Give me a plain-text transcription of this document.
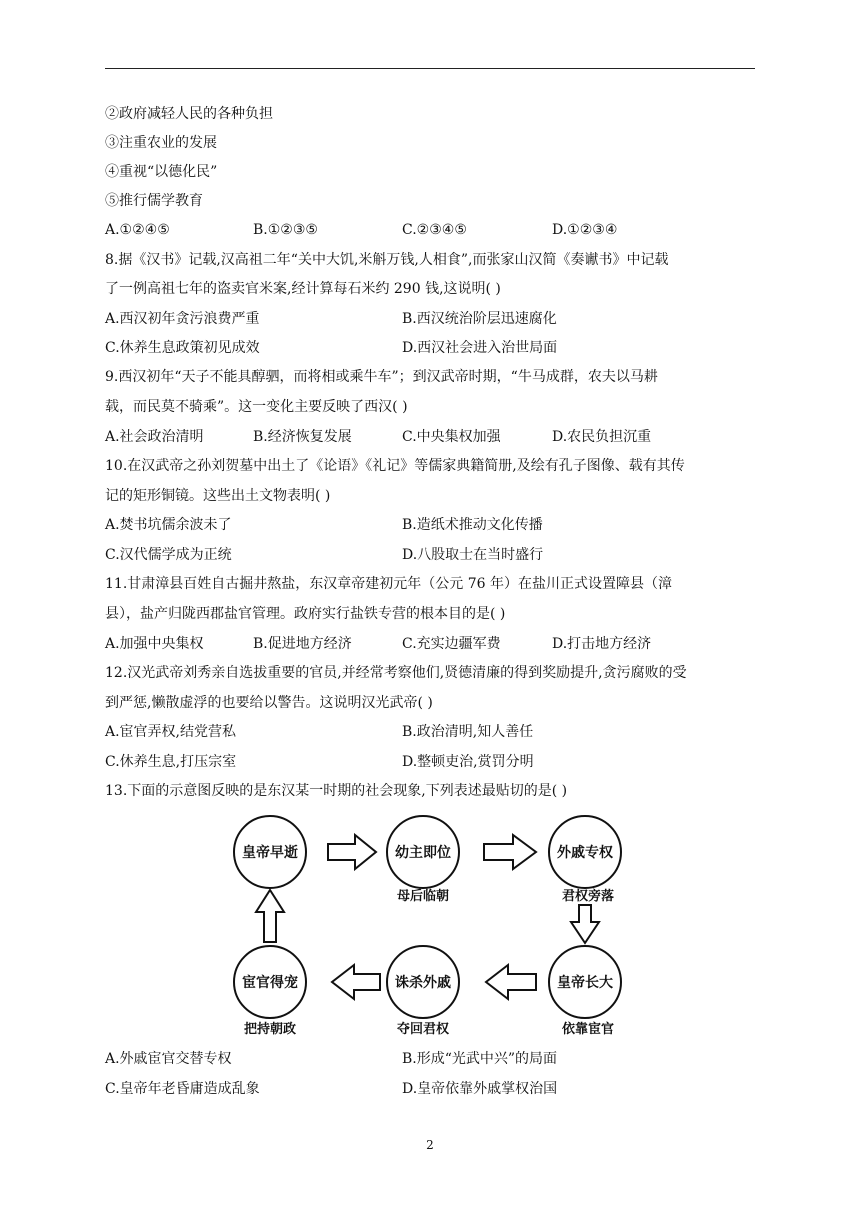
②政府减轻人民的各种负担
③注重农业的发展
④重视“以德化民”
⑤推行儒学教育
A.①②④⑤	B.①②③⑤	C.②③④⑤	D.①②③④
8.据《汉书》记载,汉高祖二年“关中大饥,米斛万钱,人相食”,而张家山汉简《奏谳书》中记载
了一例高祖七年的盗卖官米案,经计算每石米约 290 钱,这说明( )
A.西汉初年贪污浪费严重	B.西汉统治阶层迅速腐化
C.休养生息政策初见成效	D.西汉社会进入治世局面
9.西汉初年“天子不能具醇驷，而将相或乘牛车”；到汉武帝时期，“牛马成群，农夫以马耕
载，而民莫不骑乘”。这一变化主要反映了西汉( )
A.社会政治清明	B.经济恢复发展	C.中央集权加强	D.农民负担沉重
10.在汉武帝之孙刘贺墓中出土了《论语》《礼记》等儒家典籍简册,及绘有孔子图像、载有其传
记的矩形铜镜。这些出土文物表明( )
A.焚书坑儒余波未了	B.造纸术推动文化传播
C.汉代儒学成为正统	D.八股取士在当时盛行
11.甘肃漳县百姓自古掘井熬盐，东汉章帝建初元年（公元 76 年）在盐川正式设置障县（漳
县），盐产归陇西郡盐官管理。政府实行盐铁专营的根本目的是( )
A.加强中央集权	B.促进地方经济	C.充实边疆军费	D.打击地方经济
12.汉光武帝刘秀亲自选拔重要的官员,并经常考察他们,贤德清廉的得到奖励提升,贪污腐败的受
到严惩,懒散虚浮的也要给以警告。这说明汉光武帝( )
A.宦官弄权,结党营私	B.政治清明,知人善任
C.休养生息,打压宗室	D.整顿吏治,赏罚分明
13.下面的示意图反映的是东汉某一时期的社会现象,下列表述最贴切的是( )
皇帝早逝	幼主即位	外戚专权
皇帝长大
诛杀外戚
宦官得宠
母后临朝	君权旁落
依靠宦官
夺回君权
把持朝政
A.外戚宦官交替专权	B.形成“光武中兴”的局面
C.皇帝年老昏庸造成乱象	D.皇帝依靠外戚掌权治国
2
